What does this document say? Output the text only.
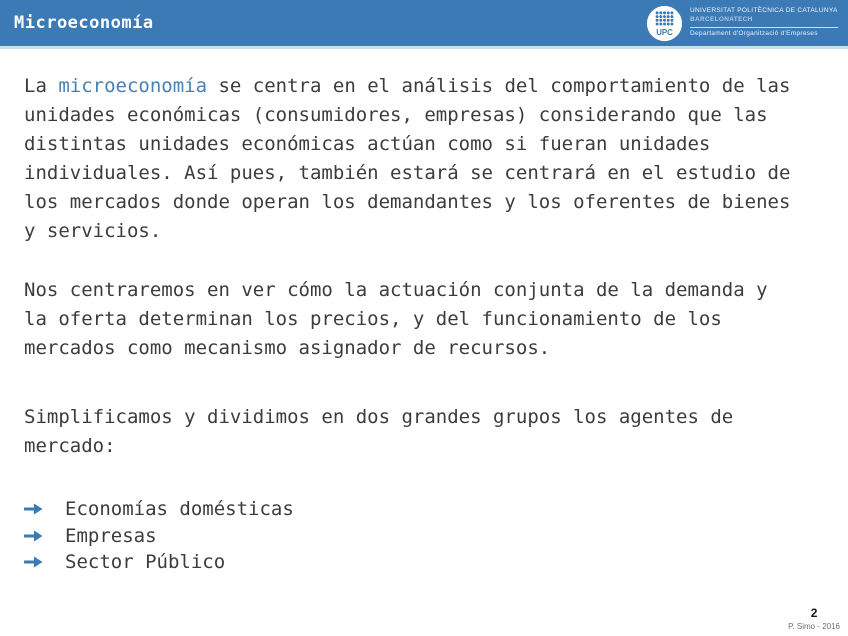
Microeconomía	UPC
UNIVERSITAT POLITÈCNICA DE CATALUNYA
BARCELONATECH
Departament d'Organització d'Empreses

La microeconomía se centra en el análisis del comportamiento de las
unidades económicas (consumidores, empresas) considerando que las
distintas unidades económicas actúan como si fueran unidades
individuales. Así pues, también estará se centrará en el estudio de
los mercados donde operan los demandantes y los oferentes de bienes
y servicios.

Nos centraremos en ver cómo la actuación conjunta de la demanda y
la oferta determinan los precios, y del funcionamiento de los
mercados como mecanismo asignador de recursos.

Simplificamos y dividimos en dos grandes grupos los agentes de
mercado:

Economías domésticas
Empresas
Sector Público
2
P. Simo - 2016
